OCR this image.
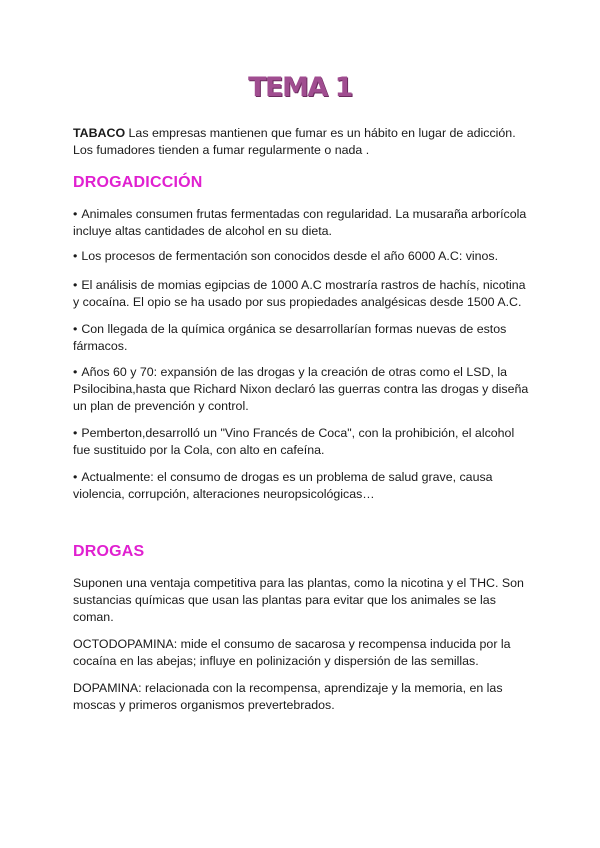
TEMA 1

TABACO Las empresas mantienen que fumar es un hábito en lugar de adicción. Los fumadores tienden a fumar regularmente o nada .

DROGADICCIÓN

• Animales consumen frutas fermentadas con regularidad. La musaraña arborícola incluye altas cantidades de alcohol en su dieta.

• Los procesos de fermentación son conocidos desde el año 6000 A.C: vinos.

• El análisis de momias egipcias de 1000 A.C mostraría rastros de hachís, nicotina y cocaína. El opio se ha usado por sus propiedades analgésicas desde 1500 A.C.

• Con llegada de la química orgánica se desarrollarían formas nuevas de estos fármacos.

• Años 60 y 70: expansión de las drogas y la creación de otras como el LSD, la Psilocibina,hasta que Richard Nixon declaró las guerras contra las drogas y diseña un plan de prevención y control.

• Pemberton,desarrolló un "Vino Francés de Coca", con la prohibición, el alcohol fue sustituido por la Cola, con alto en cafeína.

• Actualmente: el consumo de drogas es un problema de salud grave, causa violencia, corrupción, alteraciones neuropsicológicas…

DROGAS

Suponen una ventaja competitiva para las plantas, como la nicotina y el THC. Son sustancias químicas que usan las plantas para evitar que los animales se las coman.

OCTODOPAMINA: mide el consumo de sacarosa y recompensa inducida por la cocaína en las abejas; influye en polinización y dispersión de las semillas.

DOPAMINA: relacionada con la recompensa, aprendizaje y la memoria, en las moscas y primeros organismos prevertebrados.
